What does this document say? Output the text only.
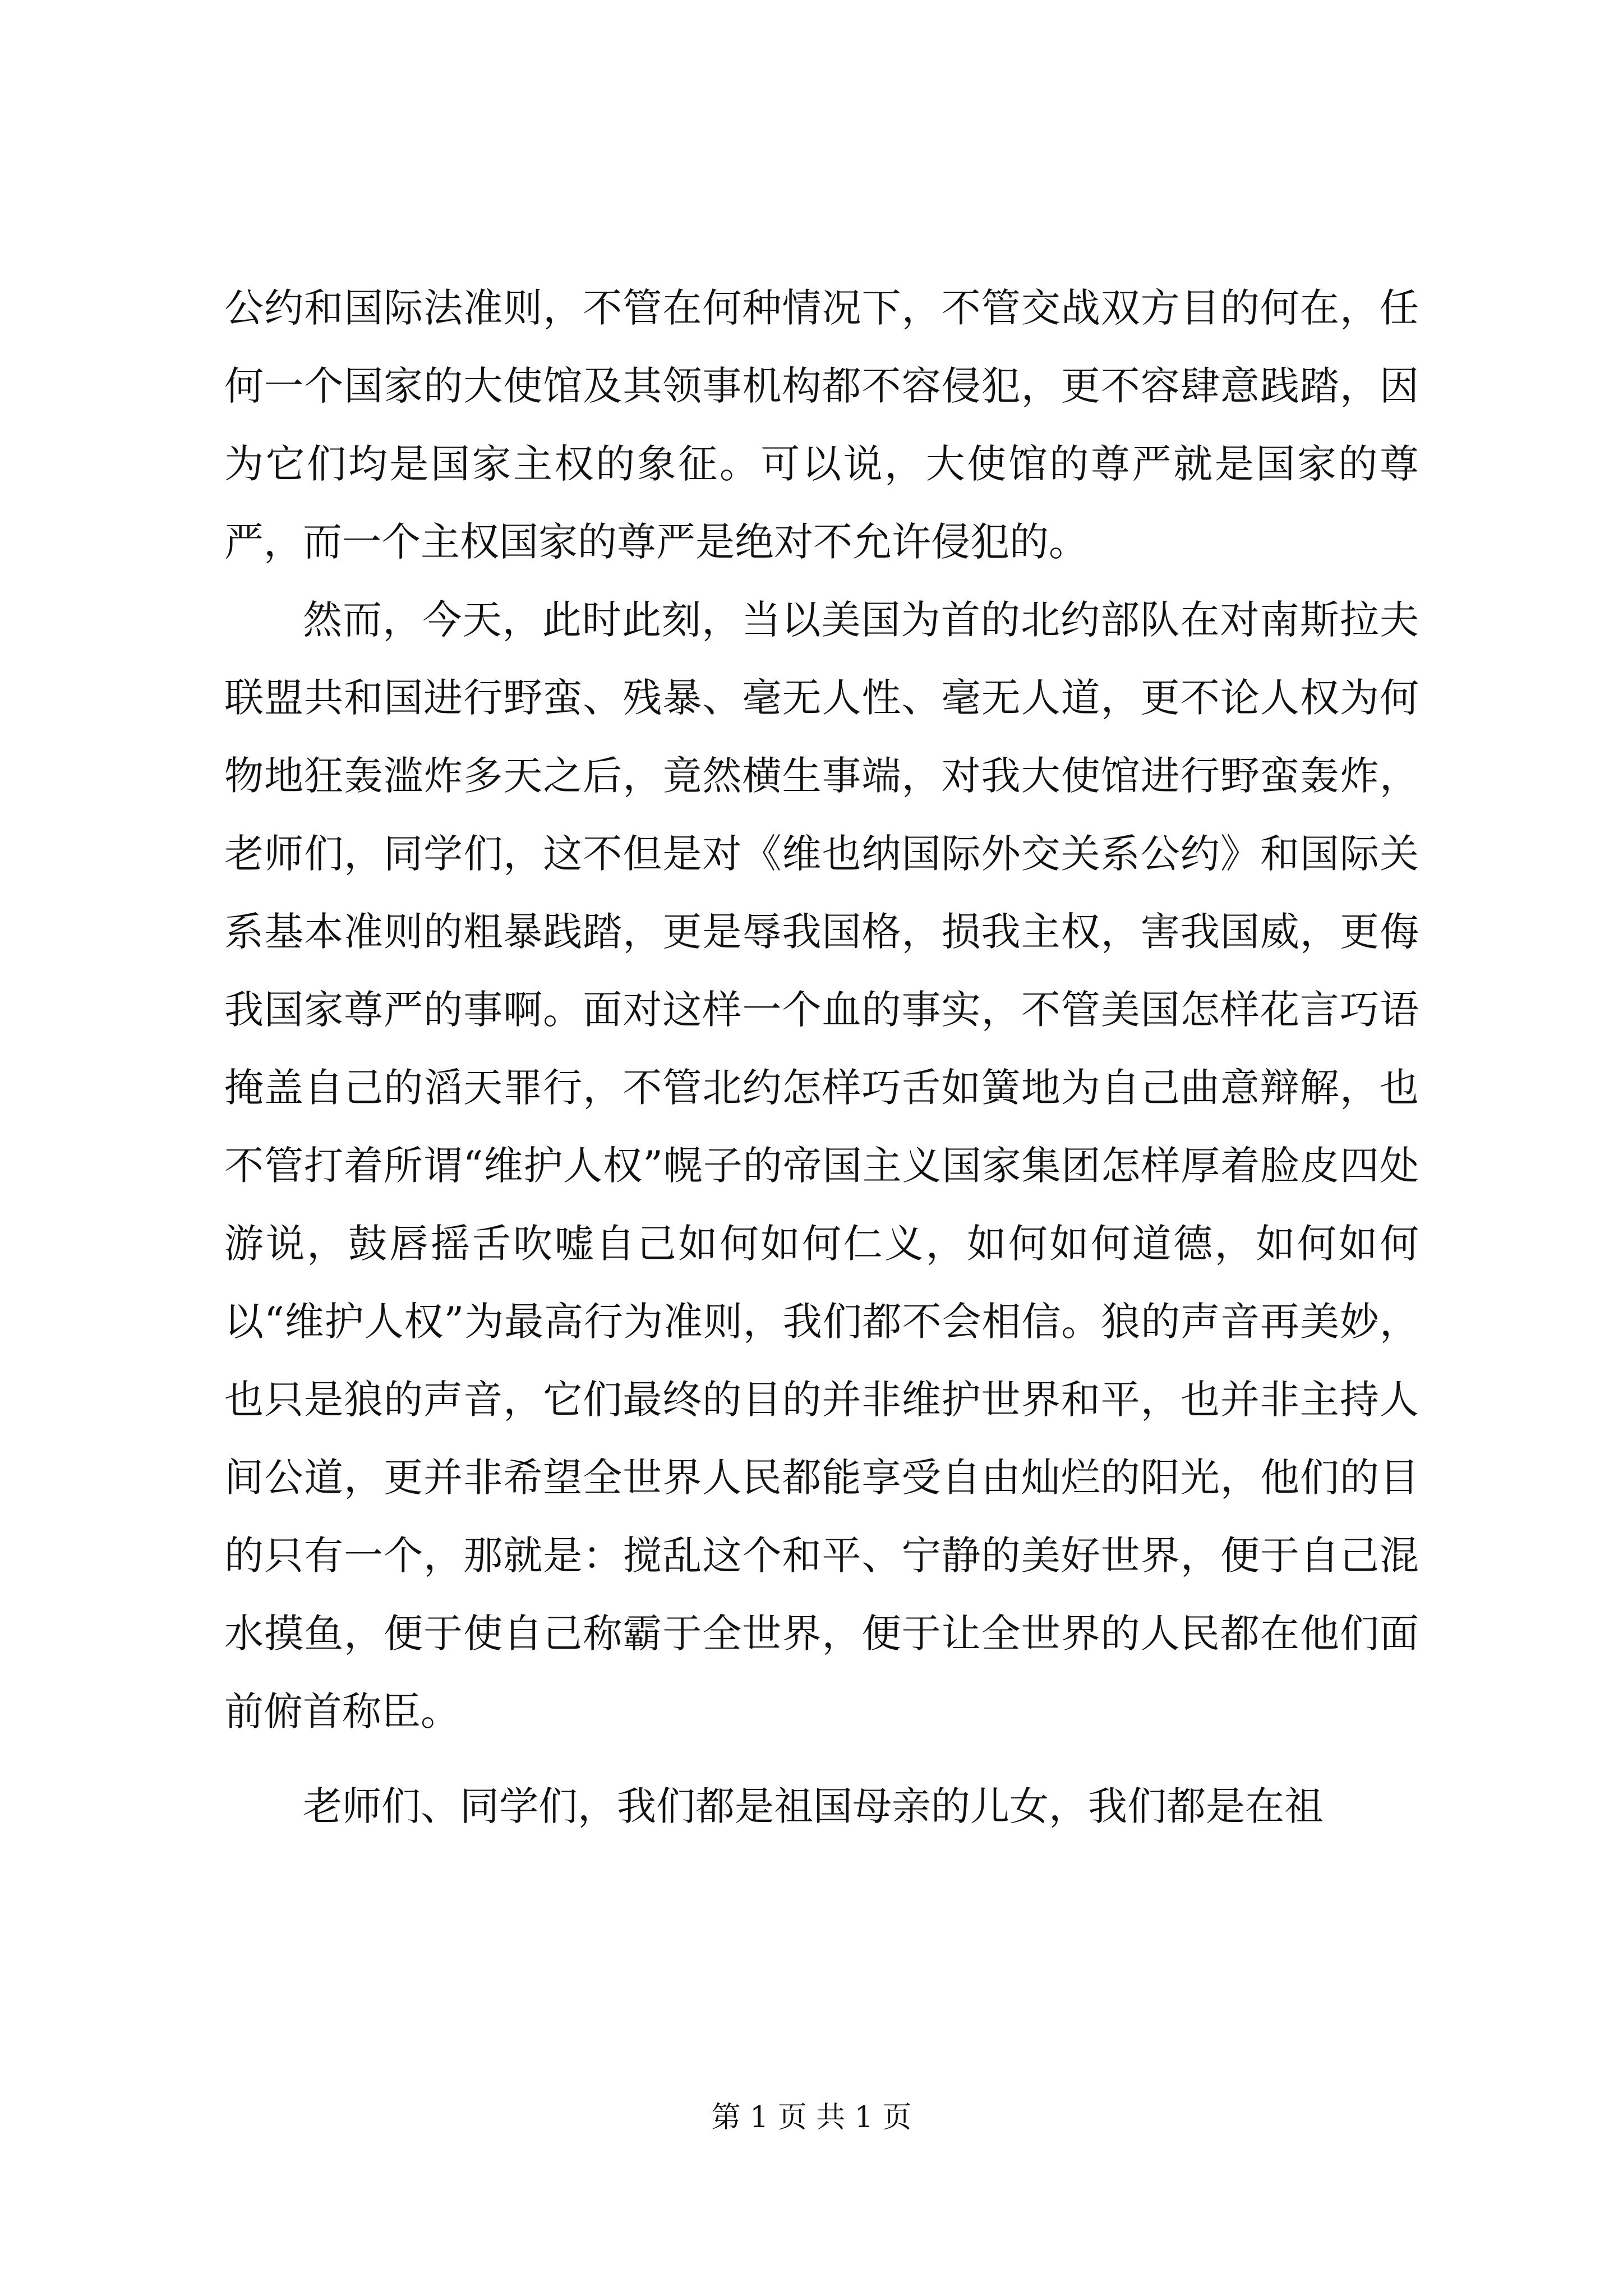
公约和国际法准则，不管在何种情况下，不管交战双方目的何在，任何一个国家的大使馆及其领事机构都不容侵犯，更不容肆意践踏，因为它们均是国家主权的象征。可以说，大使馆的尊严就是国家的尊严，而一个主权国家的尊严是绝对不允许侵犯的。

然而，今天，此时此刻，当以美国为首的北约部队在对南斯拉夫联盟共和国进行野蛮、残暴、毫无人性、毫无人道，更不论人权为何物地狂轰滥炸多天之后，竟然横生事端，对我大使馆进行野蛮轰炸，老师们，同学们，这不但是对《维也纳国际外交关系公约》和国际关系基本准则的粗暴践踏，更是辱我国格，损我主权，害我国威，更侮我国家尊严的事啊。面对这样一个血的事实，不管美国怎样花言巧语掩盖自己的滔天罪行，不管北约怎样巧舌如簧地为自己曲意辩解，也不管打着所谓“维护人权”幌子的帝国主义国家集团怎样厚着脸皮四处游说，鼓唇摇舌吹嘘自己如何如何仁义，如何如何道德，如何如何以“维护人权”为最高行为准则，我们都不会相信。狼的声音再美妙，也只是狼的声音，它们最终的目的并非维护世界和平，也并非主持人间公道，更并非希望全世界人民都能享受自由灿烂的阳光，他们的目的只有一个，那就是：搅乱这个和平、宁静的美好世界，便于自己混水摸鱼，便于使自己称霸于全世界，便于让全世界的人民都在他们面前俯首称臣。

老师们、同学们，我们都是祖国母亲的儿女，我们都是在祖

第 1 页 共 1 页
